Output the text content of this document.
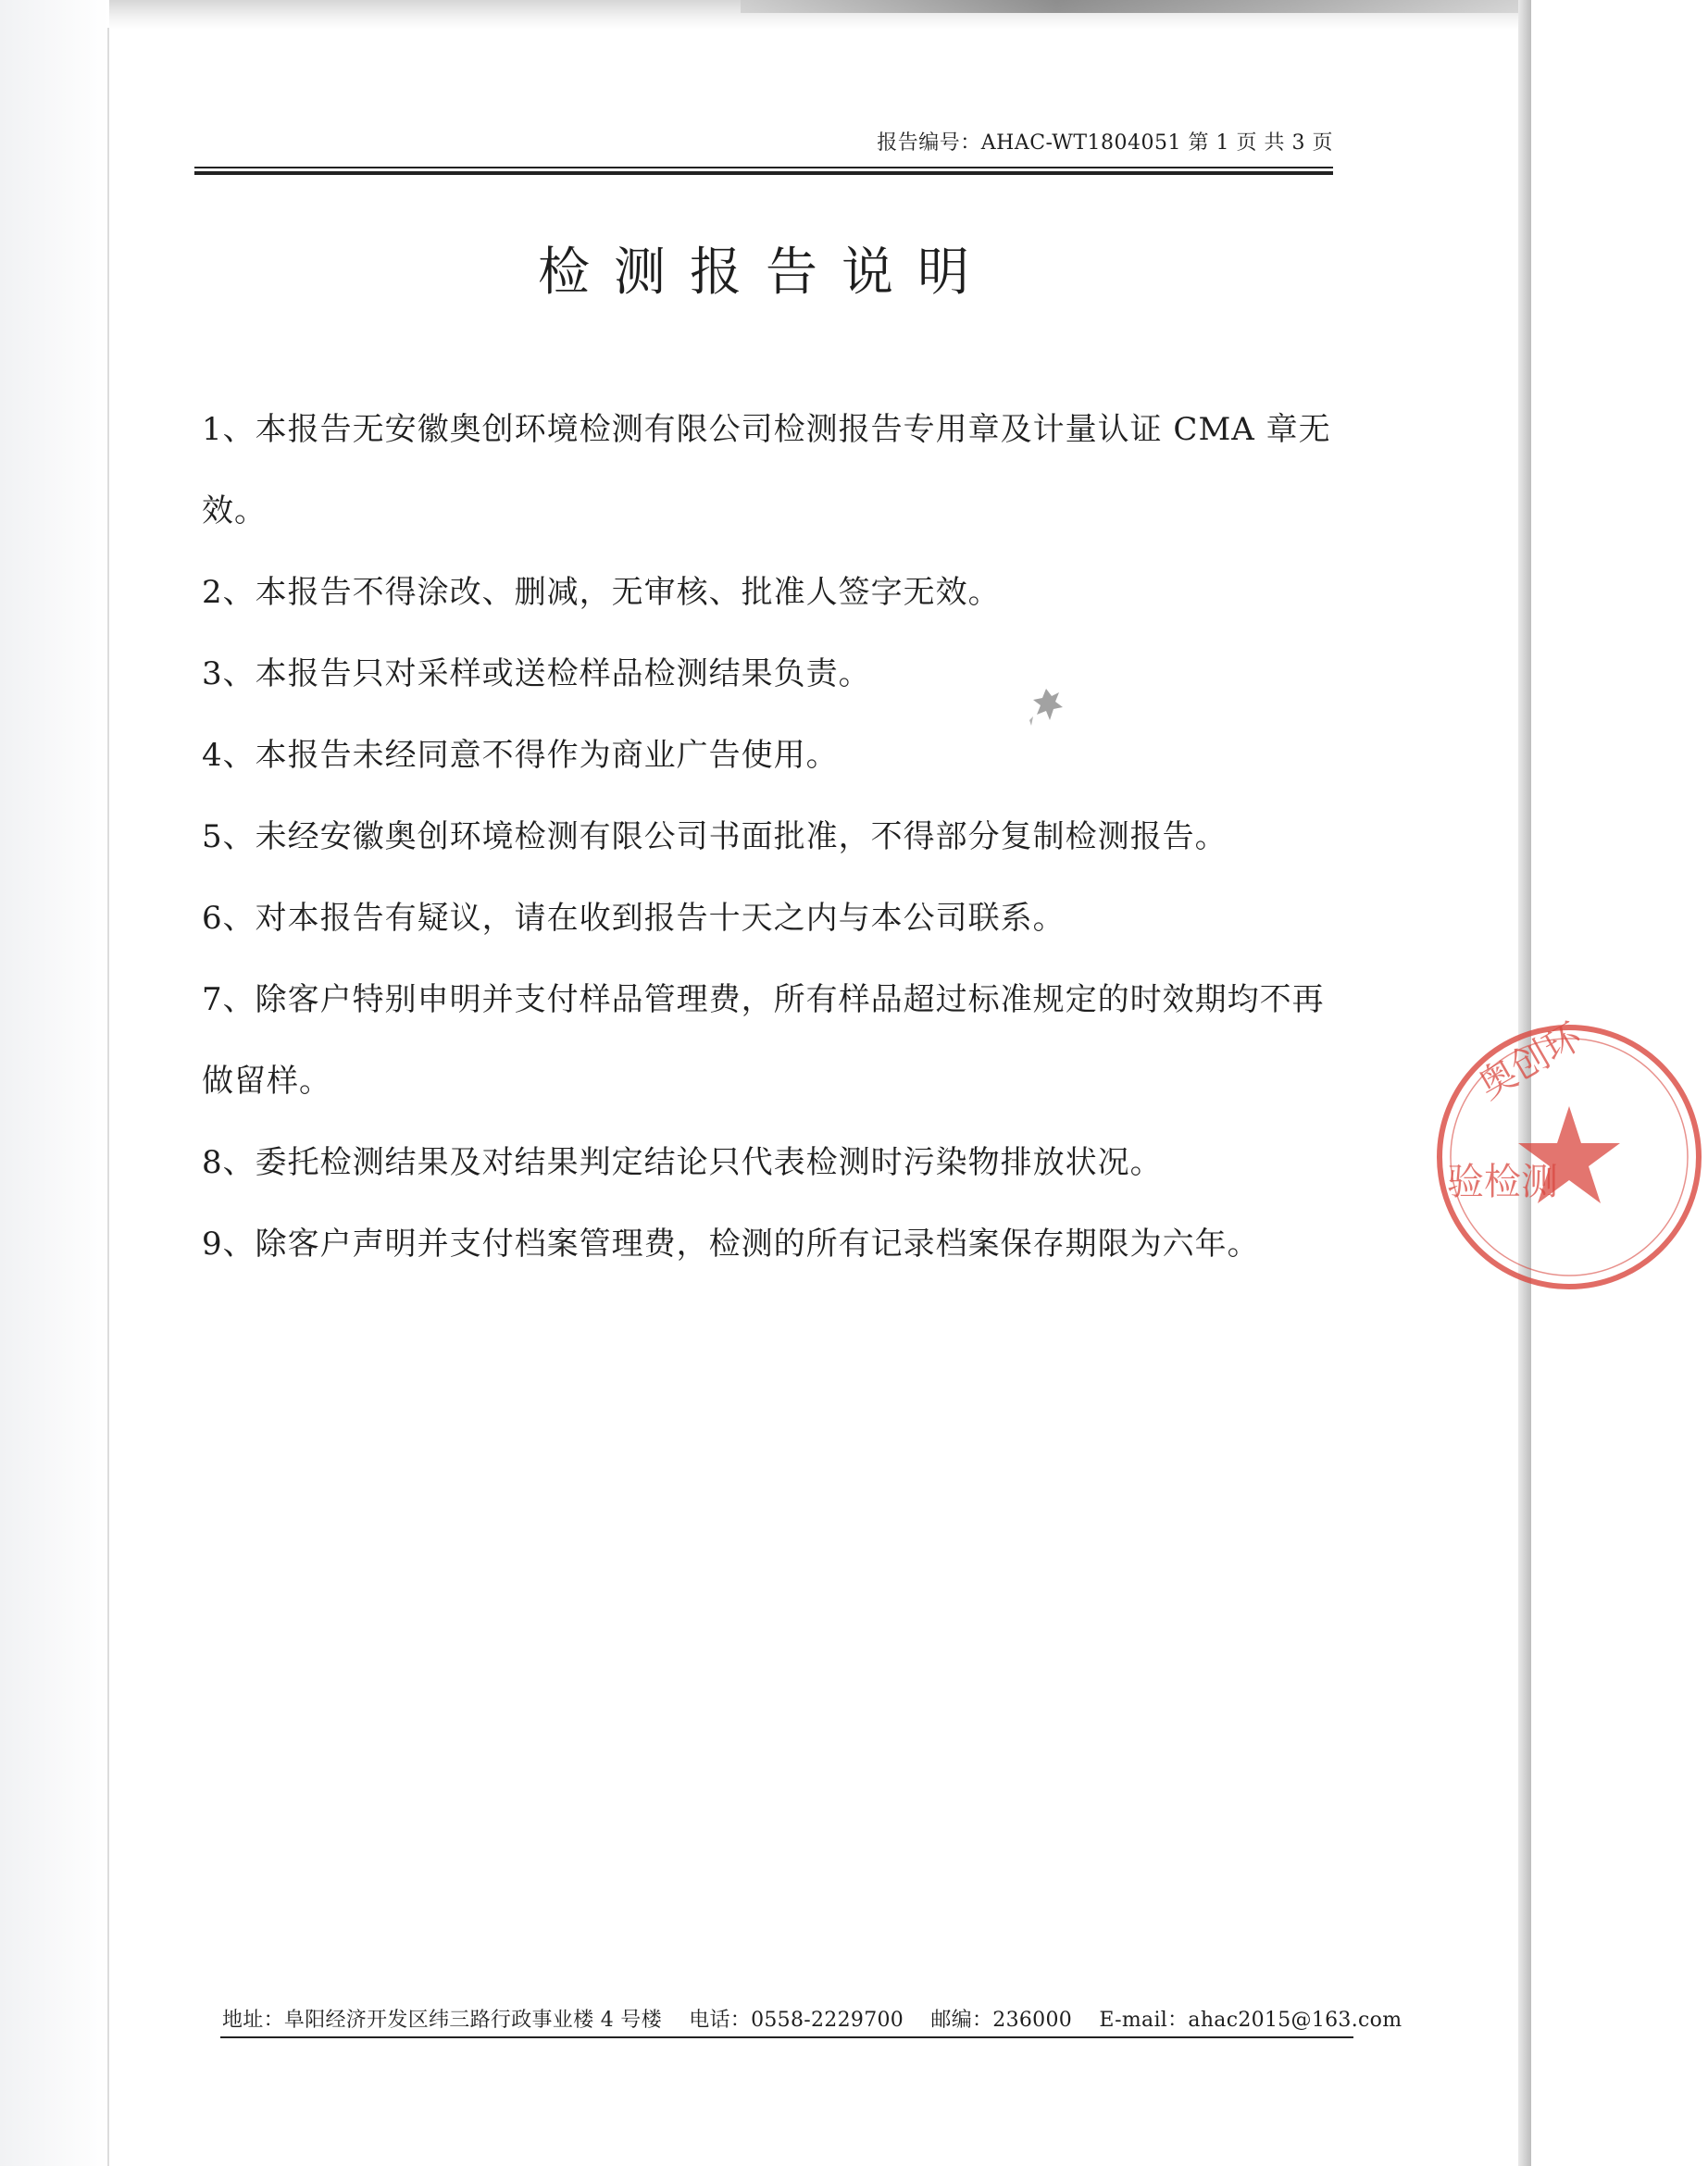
报告编号：AHAC-WT1804051 第 1 页 共 3 页
检测报告说明
1、本报告无安徽奥创环境检测有限公司检测报告专用章及计量认证 CMA 章无效。
2、本报告不得涂改、删减，无审核、批准人签字无效。
3、本报告只对采样或送检样品检测结果负责。
4、本报告未经同意不得作为商业广告使用。
5、未经安徽奥创环境检测有限公司书面批准，不得部分复制检测报告。
6、对本报告有疑议，请在收到报告十天之内与本公司联系。
7、除客户特别申明并支付样品管理费，所有样品超过标准规定的时效期均不再做留样。
8、委托检测结果及对结果判定结论只代表检测时污染物排放状况。
9、除客户声明并支付档案管理费，检测的所有记录档案保存期限为六年。
地址：阜阳经济开发区纬三路行政事业楼 4 号楼 电话：0558-2229700 邮编：236000 E-mail：ahac2015@163.com
奥创环
验检测
